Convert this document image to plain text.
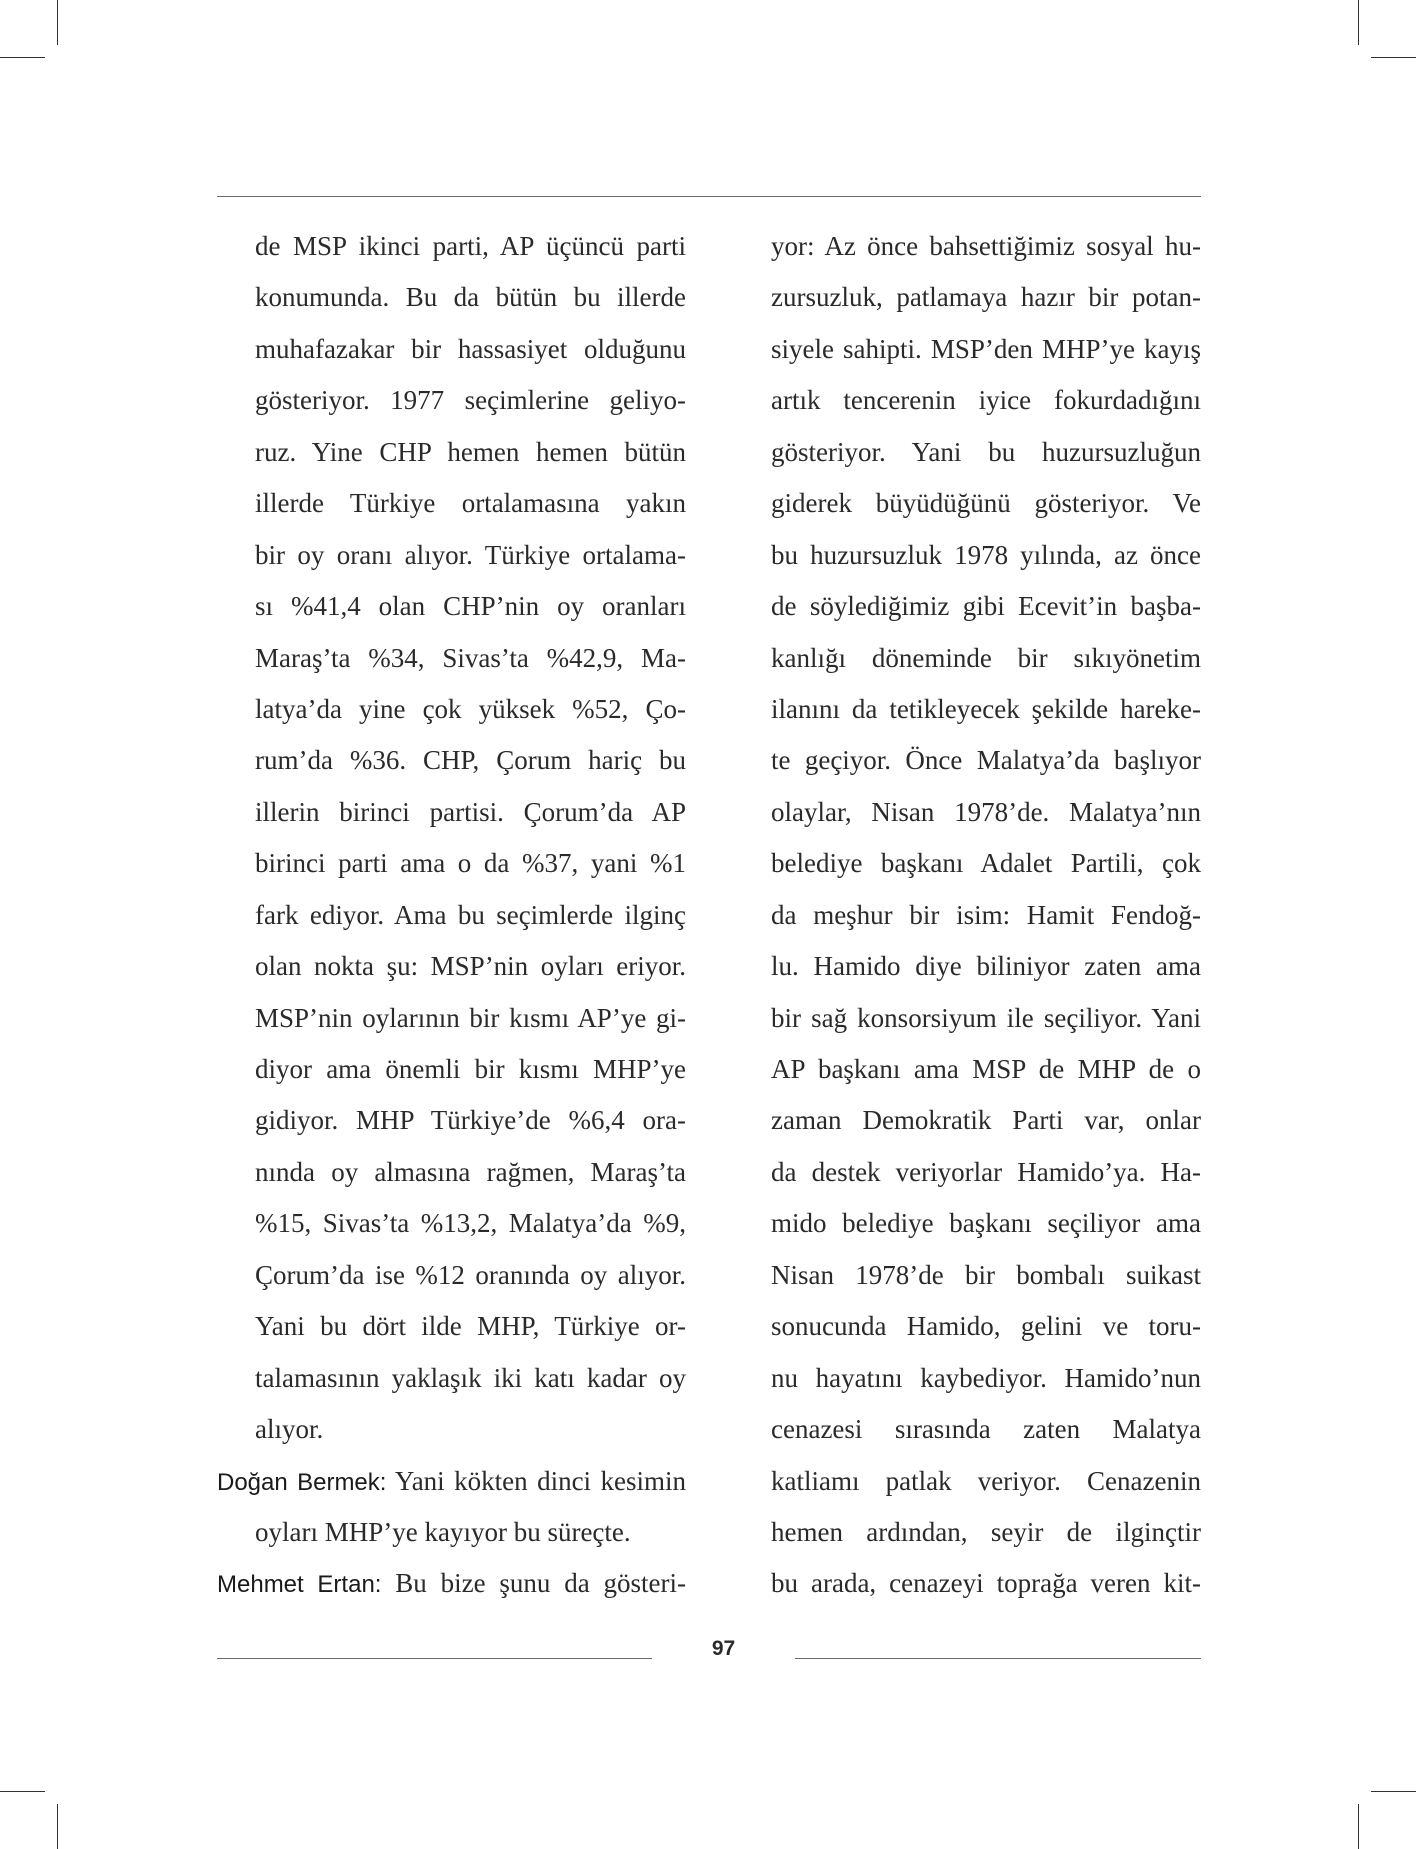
de MSP ikinci parti, AP üçüncü parti
konumunda. Bu da bütün bu illerde
muhafazakar bir hassasiyet olduğunu
gösteriyor. 1977 seçimlerine geliyo-
ruz. Yine CHP hemen hemen bütün
illerde Türkiye ortalamasına yakın
bir oy oranı alıyor. Türkiye ortalama-
sı %41,4 olan CHP’nin oy oranları
Maraş’ta %34, Sivas’ta %42,9, Ma-
latya’da yine çok yüksek %52, Ço-
rum’da %36. CHP, Çorum hariç bu
illerin birinci partisi. Çorum’da AP
birinci parti ama o da %37, yani %1
fark ediyor. Ama bu seçimlerde ilginç
olan nokta şu: MSP’nin oyları eriyor.
MSP’nin oylarının bir kısmı AP’ye gi-
diyor ama önemli bir kısmı MHP’ye
gidiyor. MHP Türkiye’de %6,4 ora-
nında oy almasına rağmen, Maraş’ta
%15, Sivas’ta %13,2, Malatya’da %9,
Çorum’da ise %12 oranında oy alıyor.
Yani bu dört ilde MHP, Türkiye or-
talamasının yaklaşık iki katı kadar oy
alıyor.
Doğan Bermek: Yani kökten dinci kesimin
oyları MHP’ye kayıyor bu süreçte.
Mehmet Ertan: Bu bize şunu da gösteri-
yor: Az önce bahsettiğimiz sosyal hu-
zursuzluk, patlamaya hazır bir potan-
siyele sahipti. MSP’den MHP’ye kayış
artık tencerenin iyice fokurdadığını
gösteriyor. Yani bu huzursuzluğun
giderek büyüdüğünü gösteriyor. Ve
bu huzursuzluk 1978 yılında, az önce
de söylediğimiz gibi Ecevit’in başba-
kanlığı döneminde bir sıkıyönetim
ilanını da tetikleyecek şekilde hareke-
te geçiyor. Önce Malatya’da başlıyor
olaylar, Nisan 1978’de. Malatya’nın
belediye başkanı Adalet Partili, çok
da meşhur bir isim: Hamit Fendoğ-
lu. Hamido diye biliniyor zaten ama
bir sağ konsorsiyum ile seçiliyor. Yani
AP başkanı ama MSP de MHP de o
zaman Demokratik Parti var, onlar
da destek veriyorlar Hamido’ya. Ha-
mido belediye başkanı seçiliyor ama
Nisan 1978’de bir bombalı suikast
sonucunda Hamido, gelini ve toru-
nu hayatını kaybediyor. Hamido’nun
cenazesi sırasında zaten Malatya
katliamı patlak veriyor. Cenazenin
hemen ardından, seyir de ilginçtir
bu arada, cenazeyi toprağa veren kit-
97
